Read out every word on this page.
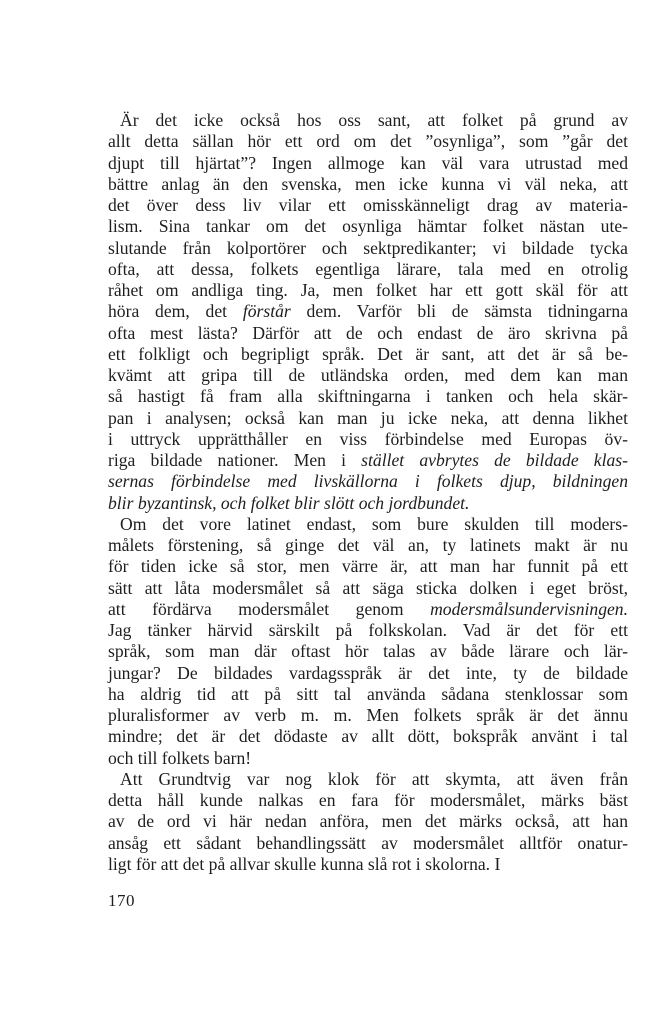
Är det icke också hos oss sant, att folket på grund av
allt detta sällan hör ett ord om det ”osynliga”, som ”går det
djupt till hjärtat”? Ingen allmoge kan väl vara utrustad med
bättre anlag än den svenska, men icke kunna vi väl neka, att
det över dess liv vilar ett omisskänneligt drag av materia-
lism. Sina tankar om det osynliga hämtar folket nästan ute-
slutande från kolportörer och sektpredikanter; vi bildade tycka
ofta, att dessa, folkets egentliga lärare, tala med en otrolig
råhet om andliga ting. Ja, men folket har ett gott skäl för att
höra dem, det förstår dem. Varför bli de sämsta tidningarna
ofta mest lästa? Därför att de och endast de äro skrivna på
ett folkligt och begripligt språk. Det är sant, att det är så be-
kvämt att gripa till de utländska orden, med dem kan man
så hastigt få fram alla skiftningarna i tanken och hela skär-
pan i analysen; också kan man ju icke neka, att denna likhet
i uttryck upprätthåller en viss förbindelse med Europas öv-
riga bildade nationer. Men i stället avbrytes de bildade klas-
sernas förbindelse med livskällorna i folkets djup, bildningen
blir byzantinsk, och folket blir slött och jordbundet.
Om det vore latinet endast, som bure skulden till moders-
målets förstening, så ginge det väl an, ty latinets makt är nu
för tiden icke så stor, men värre är, att man har funnit på ett
sätt att låta modersmålet så att säga sticka dolken i eget bröst,
att fördärva modersmålet genom modersmålsundervisningen.
Jag tänker härvid särskilt på folkskolan. Vad är det för ett
språk, som man där oftast hör talas av både lärare och lär-
jungar? De bildades vardagsspråk är det inte, ty de bildade
ha aldrig tid att på sitt tal använda sådana stenklossar som
pluralisformer av verb m. m. Men folkets språk är det ännu
mindre; det är det dödaste av allt dött, bokspråk använt i tal
och till folkets barn!
Att Grundtvig var nog klok för att skymta, att även från
detta håll kunde nalkas en fara för modersmålet, märks bäst
av de ord vi här nedan anföra, men det märks också, att han
ansåg ett sådant behandlingssätt av modersmålet alltför onatur-
ligt för att det på allvar skulle kunna slå rot i skolorna. I
170
